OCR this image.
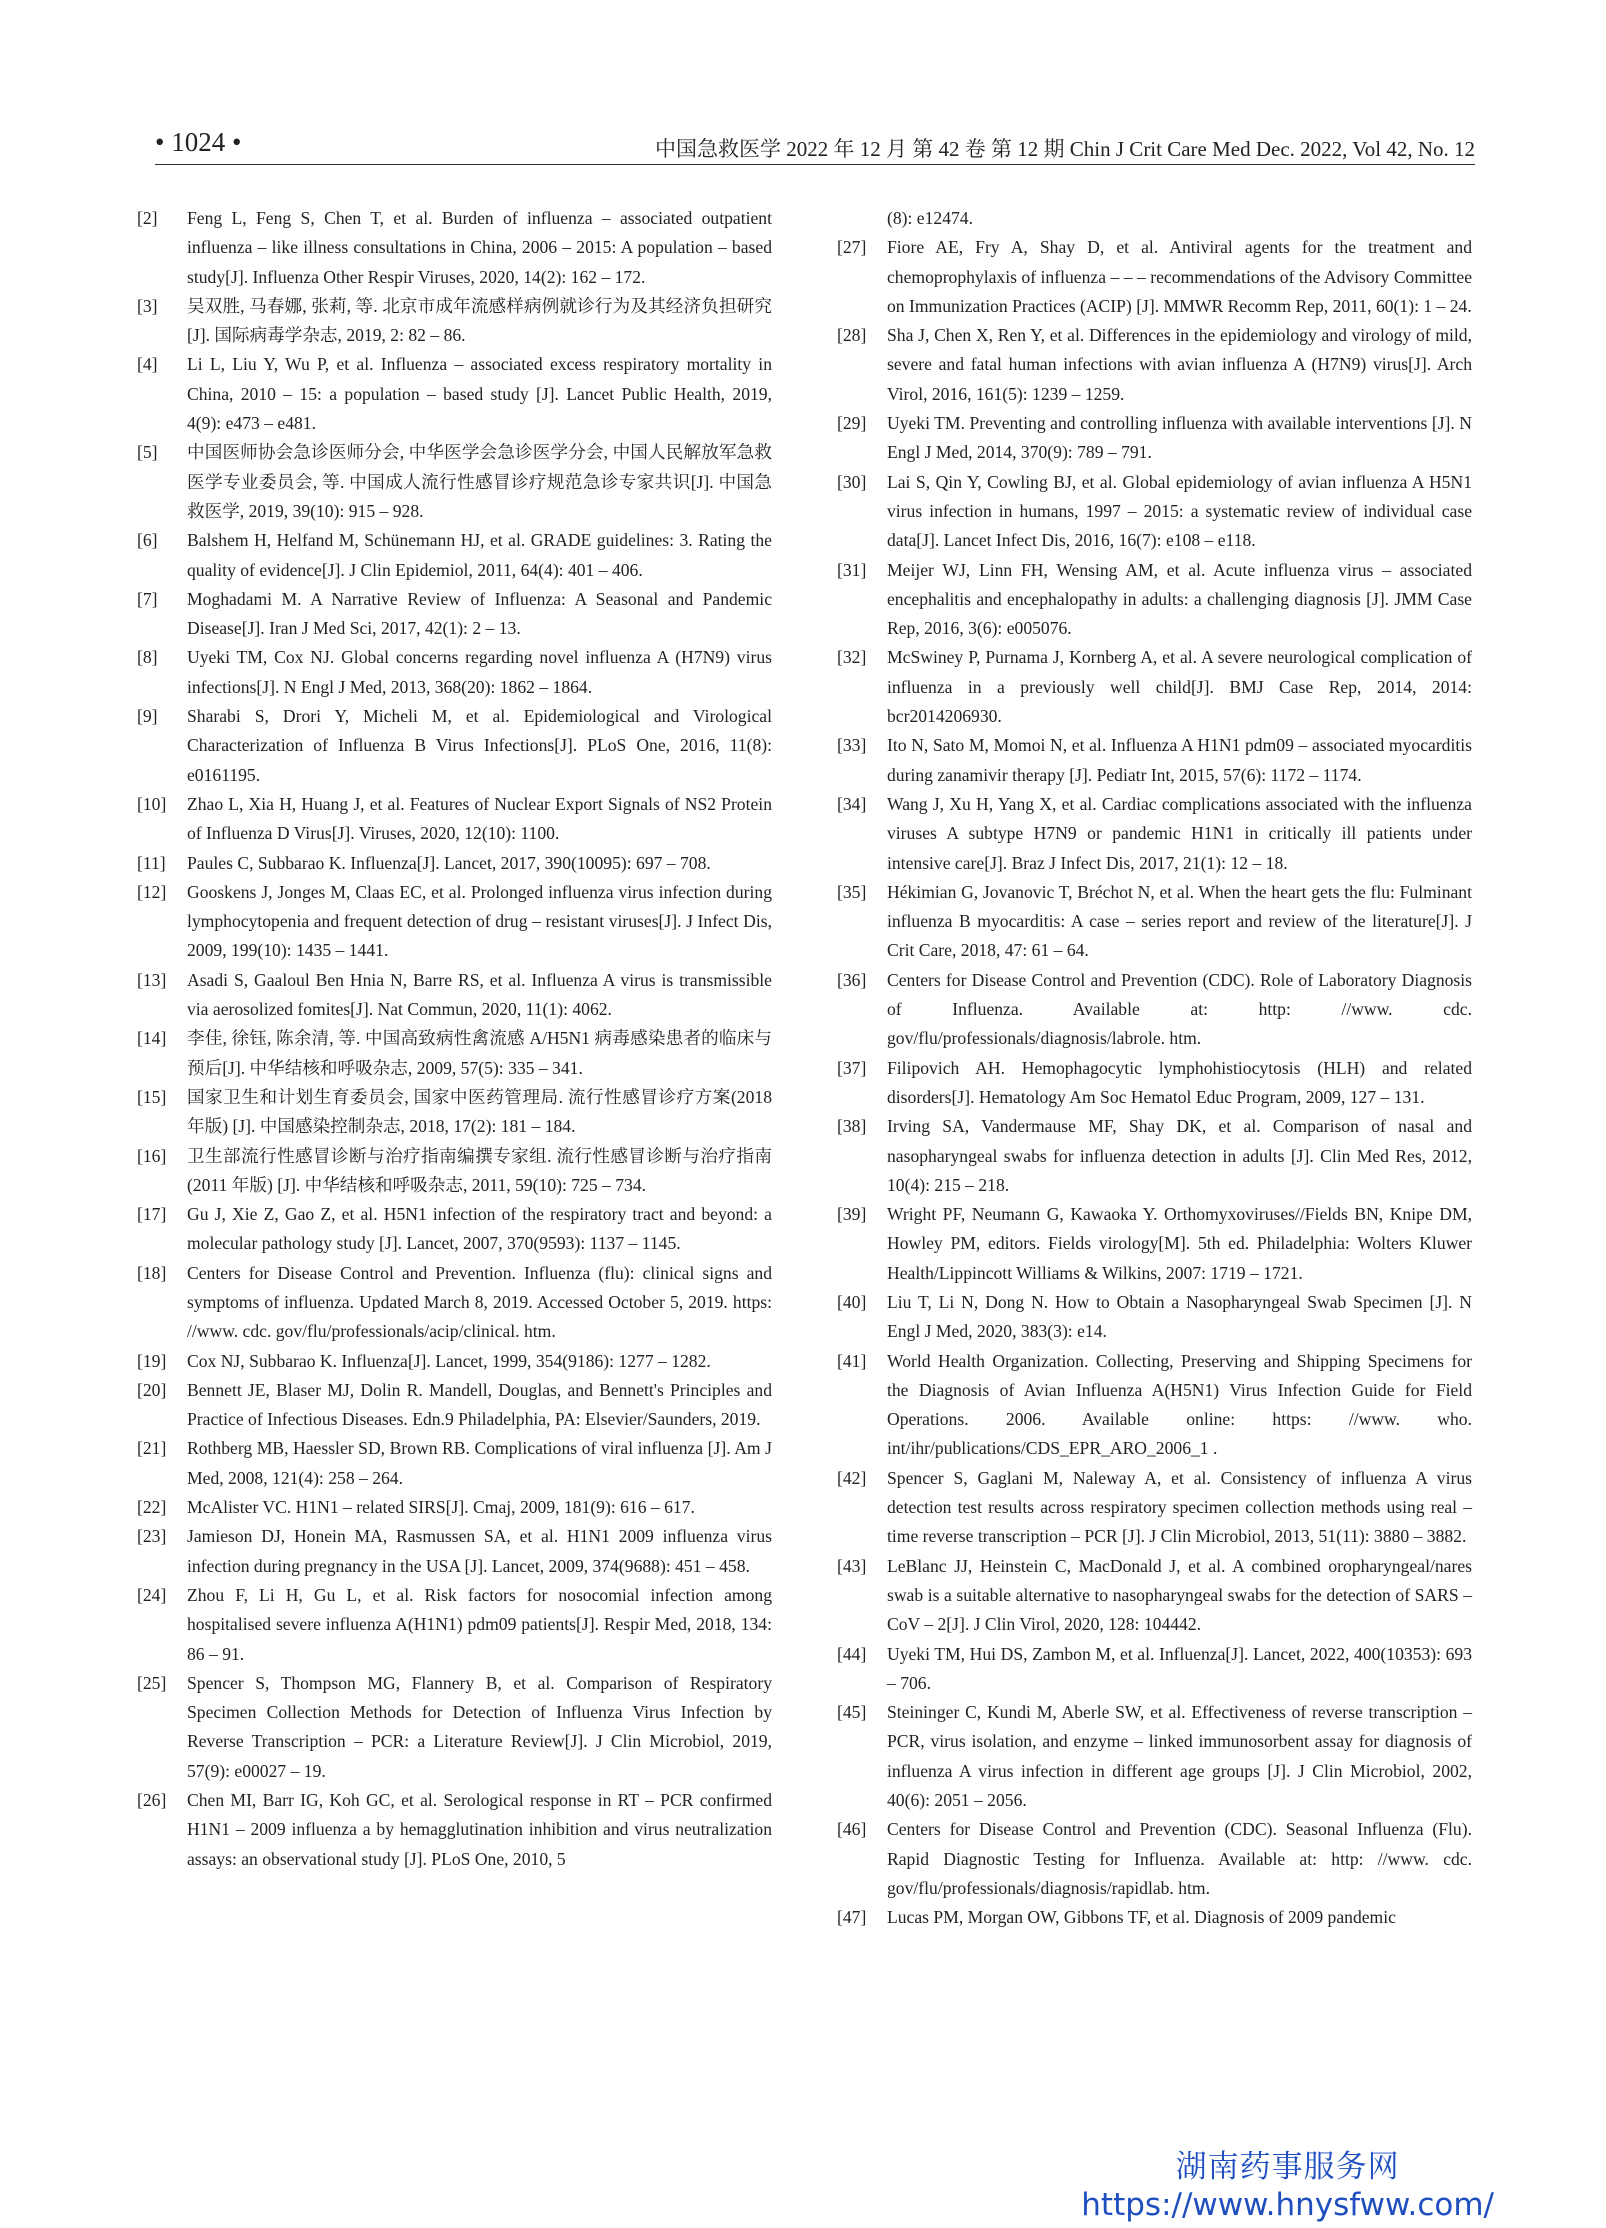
• 1024 •	中国急救医学 2022 年 12 月 第 42 卷 第 12 期 Chin J Crit Care Med Dec. 2022, Vol 42, No. 12
[2]	Feng L, Feng S, Chen T, et al. Burden of influenza – associated outpatient influenza – like illness consultations in China, 2006 – 2015: A population – based study[J]. Influenza Other Respir Viruses, 2020, 14(2): 162 – 172.
[3]	吴双胜, 马春娜, 张莉, 等. 北京市成年流感样病例就诊行为及其经济负担研究[J]. 国际病毒学杂志, 2019, 2: 82 – 86.
[4]	Li L, Liu Y, Wu P, et al. Influenza – associated excess respiratory mortality in China, 2010 – 15: a population – based study [J]. Lancet Public Health, 2019, 4(9): e473 – e481.
[5]	中国医师协会急诊医师分会, 中华医学会急诊医学分会, 中国人民解放军急救医学专业委员会, 等. 中国成人流行性感冒诊疗规范急诊专家共识[J]. 中国急救医学, 2019, 39(10): 915 – 928.
[6]	Balshem H, Helfand M, Schünemann HJ, et al. GRADE guidelines: 3. Rating the quality of evidence[J]. J Clin Epidemiol, 2011, 64(4): 401 – 406.
[7]	Moghadami M. A Narrative Review of Influenza: A Seasonal and Pandemic Disease[J]. Iran J Med Sci, 2017, 42(1): 2 – 13.
[8]	Uyeki TM, Cox NJ. Global concerns regarding novel influenza A (H7N9) virus infections[J]. N Engl J Med, 2013, 368(20): 1862 – 1864.
[9]	Sharabi S, Drori Y, Micheli M, et al. Epidemiological and Virological Characterization of Influenza B Virus Infections[J]. PLoS One, 2016, 11(8): e0161195.
[10]	Zhao L, Xia H, Huang J, et al. Features of Nuclear Export Signals of NS2 Protein of Influenza D Virus[J]. Viruses, 2020, 12(10): 1100.
[11]	Paules C, Subbarao K. Influenza[J]. Lancet, 2017, 390(10095): 697 – 708.
[12]	Gooskens J, Jonges M, Claas EC, et al. Prolonged influenza virus infection during lymphocytopenia and frequent detection of drug – resistant viruses[J]. J Infect Dis, 2009, 199(10): 1435 – 1441.
[13]	Asadi S, Gaaloul Ben Hnia N, Barre RS, et al. Influenza A virus is transmissible via aerosolized fomites[J]. Nat Commun, 2020, 11(1): 4062.
[14]	李佳, 徐钰, 陈余清, 等. 中国高致病性禽流感 A/H5N1 病毒感染患者的临床与预后[J]. 中华结核和呼吸杂志, 2009, 57(5): 335 – 341.
[15]	国家卫生和计划生育委员会, 国家中医药管理局. 流行性感冒诊疗方案(2018 年版) [J]. 中国感染控制杂志, 2018, 17(2): 181 – 184.
[16]	卫生部流行性感冒诊断与治疗指南编撰专家组. 流行性感冒诊断与治疗指南(2011 年版) [J]. 中华结核和呼吸杂志, 2011, 59(10): 725 – 734.
[17]	Gu J, Xie Z, Gao Z, et al. H5N1 infection of the respiratory tract and beyond: a molecular pathology study [J]. Lancet, 2007, 370(9593): 1137 – 1145.
[18]	Centers for Disease Control and Prevention. Influenza (flu): clinical signs and symptoms of influenza. Updated March 8, 2019. Accessed October 5, 2019. https: //www. cdc. gov/flu/professionals/acip/clinical. htm.
[19]	Cox NJ, Subbarao K. Influenza[J]. Lancet, 1999, 354(9186): 1277 – 1282.
[20]	Bennett JE, Blaser MJ, Dolin R. Mandell, Douglas, and Bennett's Principles and Practice of Infectious Diseases. Edn.9 Philadelphia, PA: Elsevier/Saunders, 2019.
[21]	Rothberg MB, Haessler SD, Brown RB. Complications of viral influenza [J]. Am J Med, 2008, 121(4): 258 – 264.
[22]	McAlister VC. H1N1 – related SIRS[J]. Cmaj, 2009, 181(9): 616 – 617.
[23]	Jamieson DJ, Honein MA, Rasmussen SA, et al. H1N1 2009 influenza virus infection during pregnancy in the USA [J]. Lancet, 2009, 374(9688): 451 – 458.
[24]	Zhou F, Li H, Gu L, et al. Risk factors for nosocomial infection among hospitalised severe influenza A(H1N1) pdm09 patients[J]. Respir Med, 2018, 134: 86 – 91.
[25]	Spencer S, Thompson MG, Flannery B, et al. Comparison of Respiratory Specimen Collection Methods for Detection of Influenza Virus Infection by Reverse Transcription – PCR: a Literature Review[J]. J Clin Microbiol, 2019, 57(9): e00027 – 19.
[26]	Chen MI, Barr IG, Koh GC, et al. Serological response in RT – PCR confirmed H1N1 – 2009 influenza a by hemagglutination inhibition and virus neutralization assays: an observational study [J]. PLoS One, 2010, 5
(8): e12474.
[27]	Fiore AE, Fry A, Shay D, et al. Antiviral agents for the treatment and chemoprophylaxis of influenza – – – recommendations of the Advisory Committee on Immunization Practices (ACIP) [J]. MMWR Recomm Rep, 2011, 60(1): 1 – 24.
[28]	Sha J, Chen X, Ren Y, et al. Differences in the epidemiology and virology of mild, severe and fatal human infections with avian influenza A (H7N9) virus[J]. Arch Virol, 2016, 161(5): 1239 – 1259.
[29]	Uyeki TM. Preventing and controlling influenza with available interventions [J]. N Engl J Med, 2014, 370(9): 789 – 791.
[30]	Lai S, Qin Y, Cowling BJ, et al. Global epidemiology of avian influenza A H5N1 virus infection in humans, 1997 – 2015: a systematic review of individual case data[J]. Lancet Infect Dis, 2016, 16(7): e108 – e118.
[31]	Meijer WJ, Linn FH, Wensing AM, et al. Acute influenza virus – associated encephalitis and encephalopathy in adults: a challenging diagnosis [J]. JMM Case Rep, 2016, 3(6): e005076.
[32]	McSwiney P, Purnama J, Kornberg A, et al. A severe neurological complication of influenza in a previously well child[J]. BMJ Case Rep, 2014, 2014: bcr2014206930.
[33]	Ito N, Sato M, Momoi N, et al. Influenza A H1N1 pdm09 – associated myocarditis during zanamivir therapy [J]. Pediatr Int, 2015, 57(6): 1172 – 1174.
[34]	Wang J, Xu H, Yang X, et al. Cardiac complications associated with the influenza viruses A subtype H7N9 or pandemic H1N1 in critically ill patients under intensive care[J]. Braz J Infect Dis, 2017, 21(1): 12 – 18.
[35]	Hékimian G, Jovanovic T, Bréchot N, et al. When the heart gets the flu: Fulminant influenza B myocarditis: A case – series report and review of the literature[J]. J Crit Care, 2018, 47: 61 – 64.
[36]	Centers for Disease Control and Prevention (CDC). Role of Laboratory Diagnosis of Influenza. Available at: http: //www. cdc. gov/flu/professionals/diagnosis/labrole. htm.
[37]	Filipovich AH. Hemophagocytic lymphohistiocytosis (HLH) and related disorders[J]. Hematology Am Soc Hematol Educ Program, 2009, 127 – 131.
[38]	Irving SA, Vandermause MF, Shay DK, et al. Comparison of nasal and nasopharyngeal swabs for influenza detection in adults [J]. Clin Med Res, 2012, 10(4): 215 – 218.
[39]	Wright PF, Neumann G, Kawaoka Y. Orthomyxoviruses//Fields BN, Knipe DM, Howley PM, editors. Fields virology[M]. 5th ed. Philadelphia: Wolters Kluwer Health/Lippincott Williams & Wilkins, 2007: 1719 – 1721.
[40]	Liu T, Li N, Dong N. How to Obtain a Nasopharyngeal Swab Specimen [J]. N Engl J Med, 2020, 383(3): e14.
[41]	World Health Organization. Collecting, Preserving and Shipping Specimens for the Diagnosis of Avian Influenza A(H5N1) Virus Infection Guide for Field Operations. 2006. Available online: https: //www. who. int/ihr/publications/CDS_EPR_ARO_2006_1 .
[42]	Spencer S, Gaglani M, Naleway A, et al. Consistency of influenza A virus detection test results across respiratory specimen collection methods using real – time reverse transcription – PCR [J]. J Clin Microbiol, 2013, 51(11): 3880 – 3882.
[43]	LeBlanc JJ, Heinstein C, MacDonald J, et al. A combined oropharyngeal/nares swab is a suitable alternative to nasopharyngeal swabs for the detection of SARS – CoV – 2[J]. J Clin Virol, 2020, 128: 104442.
[44]	Uyeki TM, Hui DS, Zambon M, et al. Influenza[J]. Lancet, 2022, 400(10353): 693 – 706.
[45]	Steininger C, Kundi M, Aberle SW, et al. Effectiveness of reverse transcription – PCR, virus isolation, and enzyme – linked immunosorbent assay for diagnosis of influenza A virus infection in different age groups [J]. J Clin Microbiol, 2002, 40(6): 2051 – 2056.
[46]	Centers for Disease Control and Prevention (CDC). Seasonal Influenza (Flu). Rapid Diagnostic Testing for Influenza. Available at: http: //www. cdc. gov/flu/professionals/diagnosis/rapidlab. htm.
[47]	Lucas PM, Morgan OW, Gibbons TF, et al. Diagnosis of 2009 pandemic
湖南药事服务网
https://www.hnysfww.com/
